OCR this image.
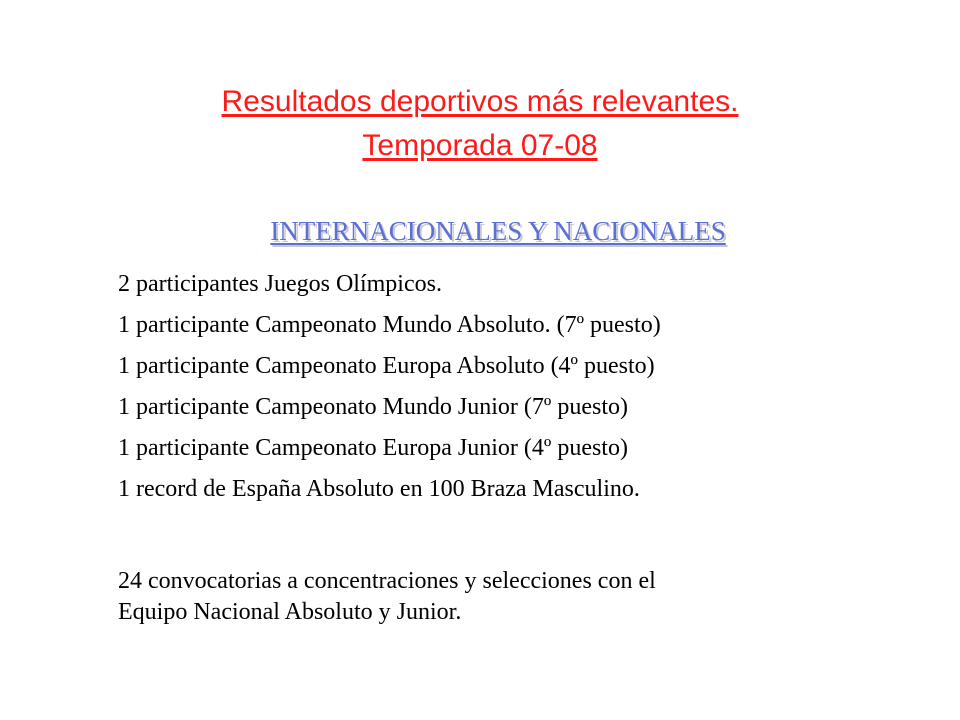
Resultados deportivos más relevantes.
Temporada 07-08
INTERNACIONALES Y NACIONALES
2 participantes Juegos Olímpicos.
1 participante Campeonato Mundo Absoluto. (7º puesto)
1 participante Campeonato Europa Absoluto (4º puesto)
1 participante Campeonato Mundo Junior (7º puesto)
1 participante Campeonato Europa Junior (4º puesto)
1 record de España Absoluto en 100 Braza Masculino.
24 convocatorias a concentraciones y selecciones con el
Equipo Nacional Absoluto y Junior.
